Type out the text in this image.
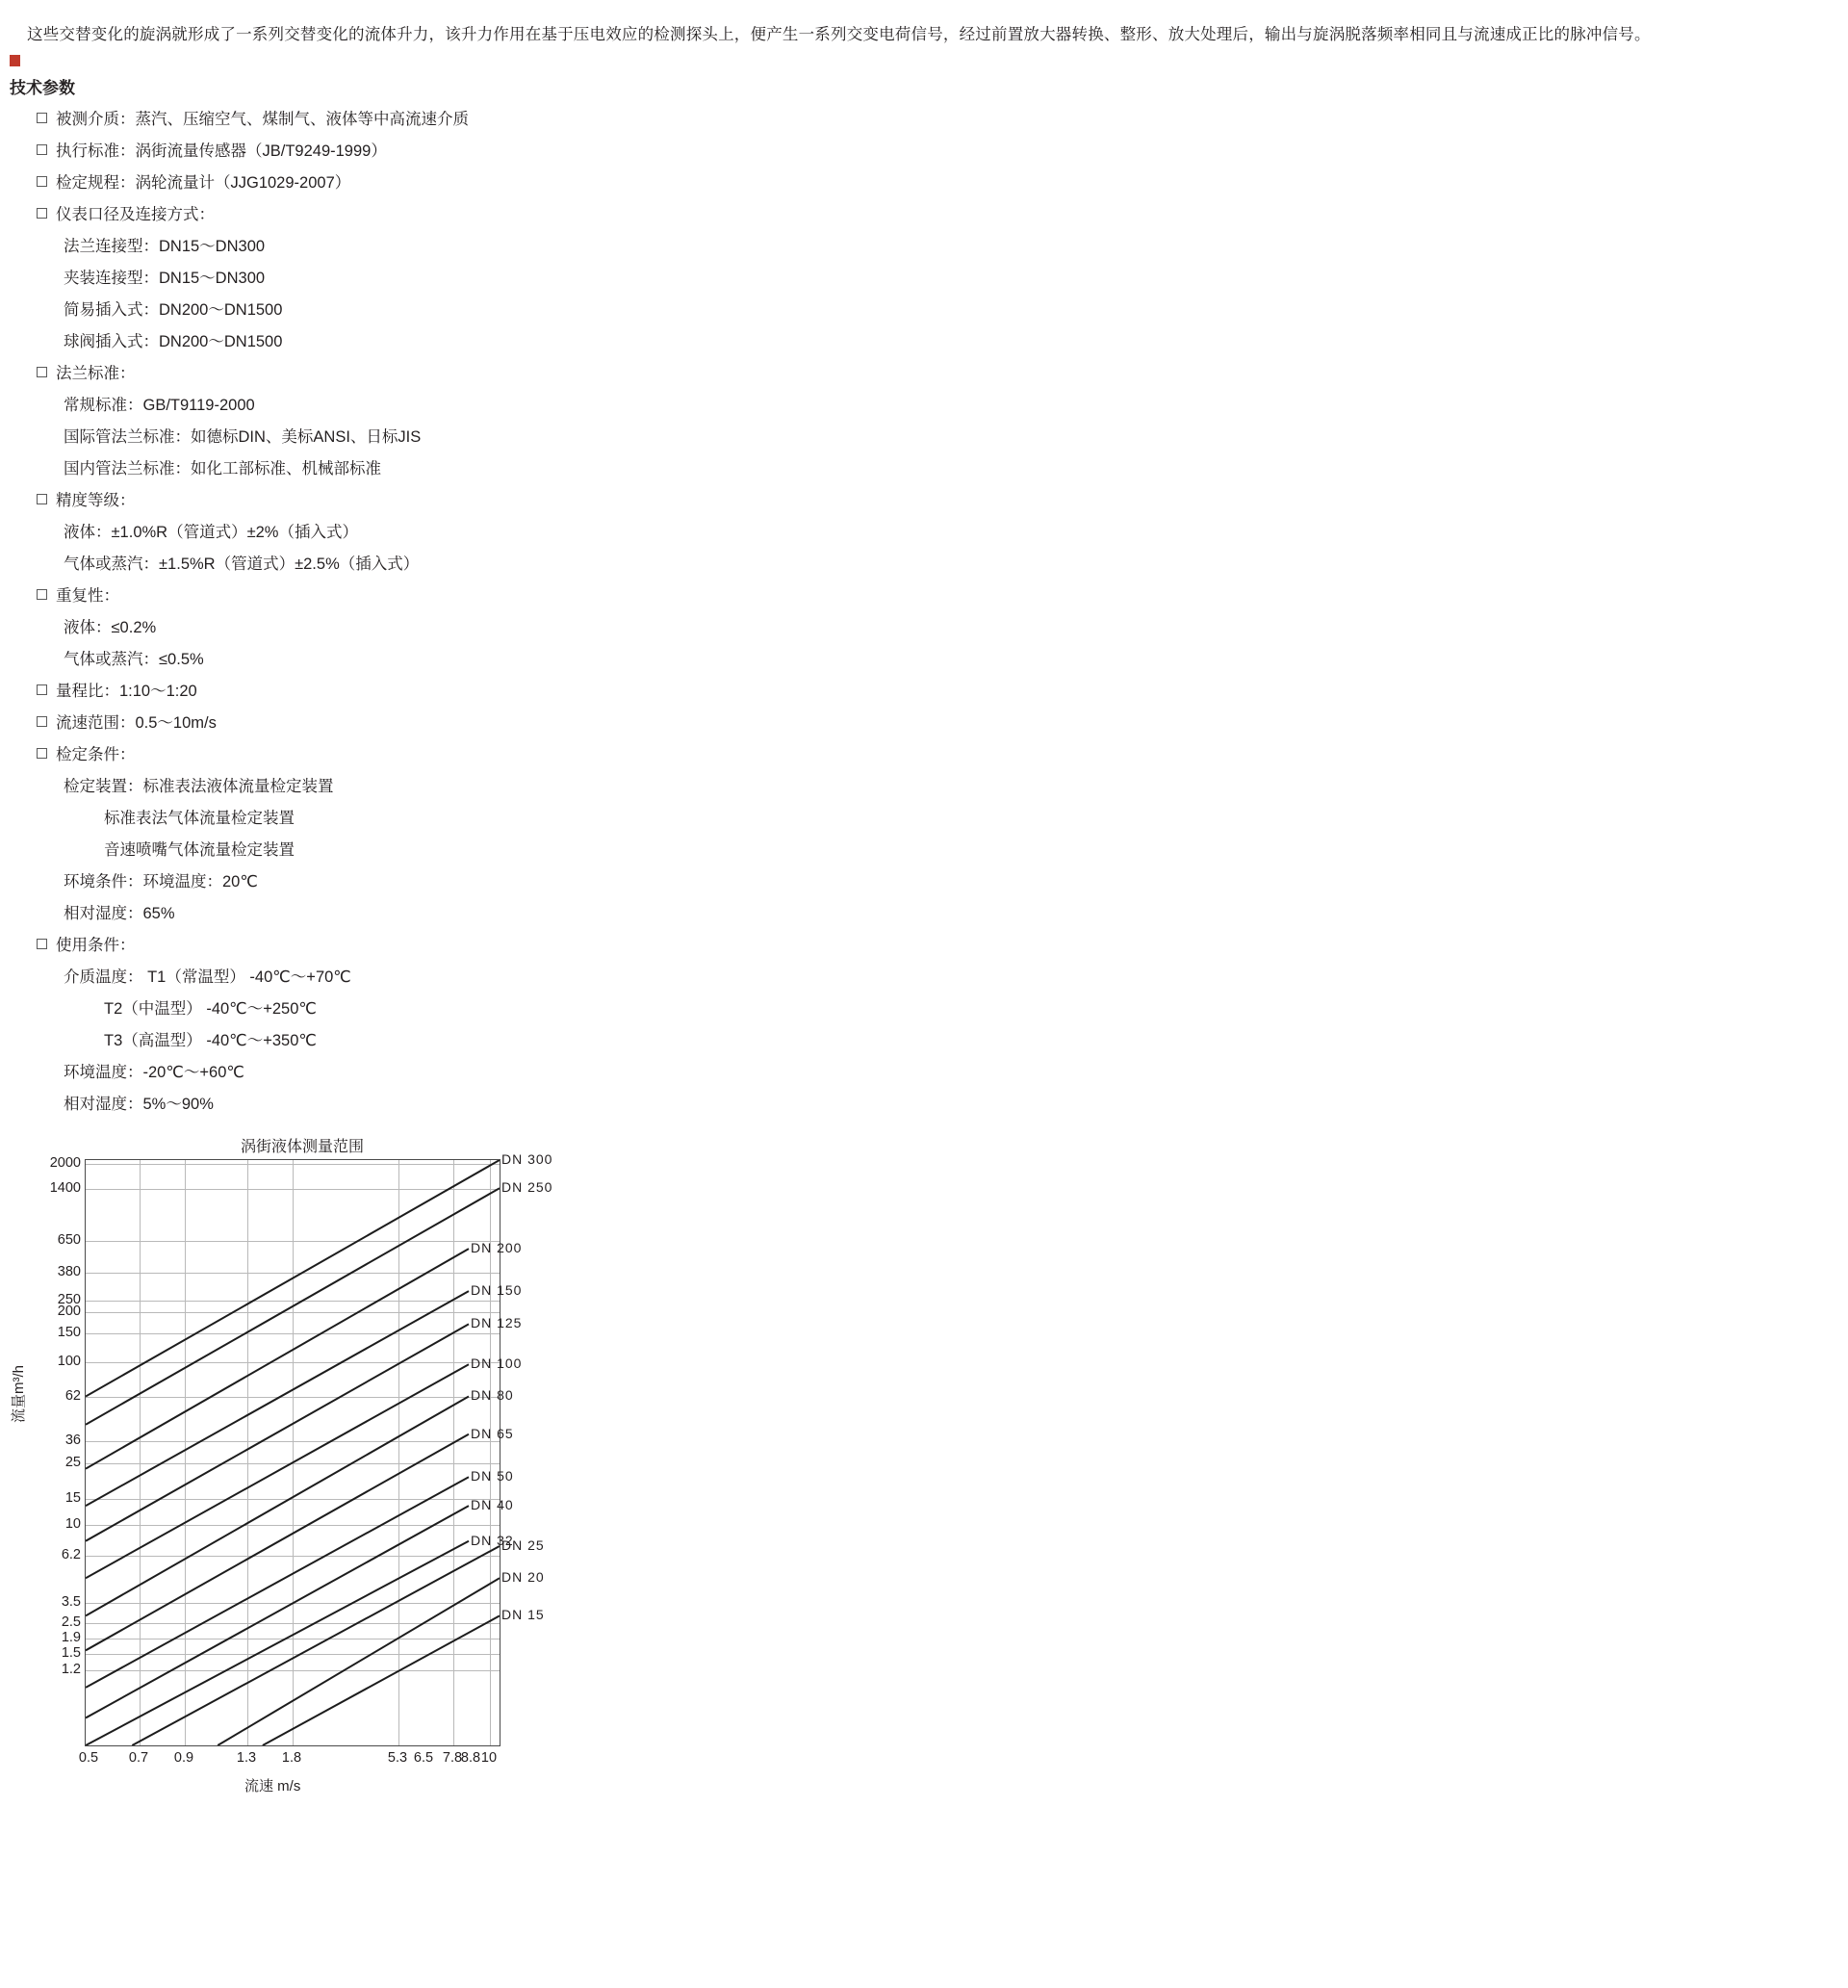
这些交替变化的旋涡就形成了一系列交替变化的流体升力，该升力作用在基于压电效应的检测探头上，便产生一系列交变电荷信号，经过前置放大器转换、整形、放大处理后，输出与旋涡脱落频率相同且与流速成正比的脉冲信号。
技术参数
被测介质：蒸汽、压缩空气、煤制气、液体等中高流速介质
执行标准：涡街流量传感器（JB/T9249-1999）
检定规程：涡轮流量计（JJG1029-2007）
仪表口径及连接方式：
法兰连接型：DN15～DN300
夹装连接型：DN15～DN300
简易插入式：DN200～DN1500
球阀插入式：DN200～DN1500
法兰标准：
常规标准：GB/T9119-2000
国际管法兰标准：如德标DIN、美标ANSI、日标JIS
国内管法兰标准：如化工部标准、机械部标准
精度等级：
液体：±1.0%R（管道式）±2%（插入式）
气体或蒸汽：±1.5%R（管道式）±2.5%（插入式）
重复性：
液体：≤0.2%
气体或蒸汽：≤0.5%
量程比：1:10～1:20
流速范围：0.5～10m/s
检定条件：
检定装置：标准表法液体流量检定装置
标准表法气体流量检定装置
音速喷嘴气体流量检定装置
环境条件：环境温度：20℃
相对湿度：65%
使用条件：
介质温度： T1（常温型） -40℃～+70℃
T2（中温型） -40℃～+250℃
T3（高温型） -40℃～+350℃
环境温度：-20℃～+60℃
相对湿度：5%～90%
涡街液体测量范围
流量m³/h
2000
1400
650
380
250
200
150
100
62
36
25
15
10
6.2
3.5
2.5
1.9
1.5
1.2
DN 300
DN 250
DN 200
DN 150
DN 125
DN 100
DN 80
DN 65
DN 50
DN 40
DN 32
DN 25
DN 20
DN 15
0.5 0.7 0.9	1.3 1.8	5.3 6.5 7.8
8.8 10
流速 m/s
